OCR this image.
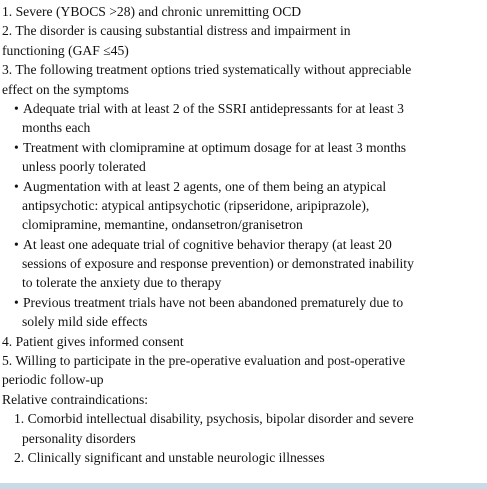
1. Severe (YBOCS >28) and chronic unremitting OCD
2. The disorder is causing substantial distress and impairment in
functioning (GAF ≤45)
3. The following treatment options tried systematically without appreciable
effect on the symptoms
• Adequate trial with at least 2 of the SSRI antidepressants for at least 3
months each
• Treatment with clomipramine at optimum dosage for at least 3 months
unless poorly tolerated
• Augmentation with at least 2 agents, one of them being an atypical
antipsychotic: atypical antipsychotic (ripseridone, aripiprazole),
clomipramine, memantine, ondansetron/granisetron
• At least one adequate trial of cognitive behavior therapy (at least 20
sessions of exposure and response prevention) or demonstrated inability
to tolerate the anxiety due to therapy
• Previous treatment trials have not been abandoned prematurely due to
solely mild side effects
4. Patient gives informed consent
5. Willing to participate in the pre-operative evaluation and post-operative
periodic follow-up
Relative contraindications:
1. Comorbid intellectual disability, psychosis, bipolar disorder and severe
personality disorders
2. Clinically significant and unstable neurologic illnesses
